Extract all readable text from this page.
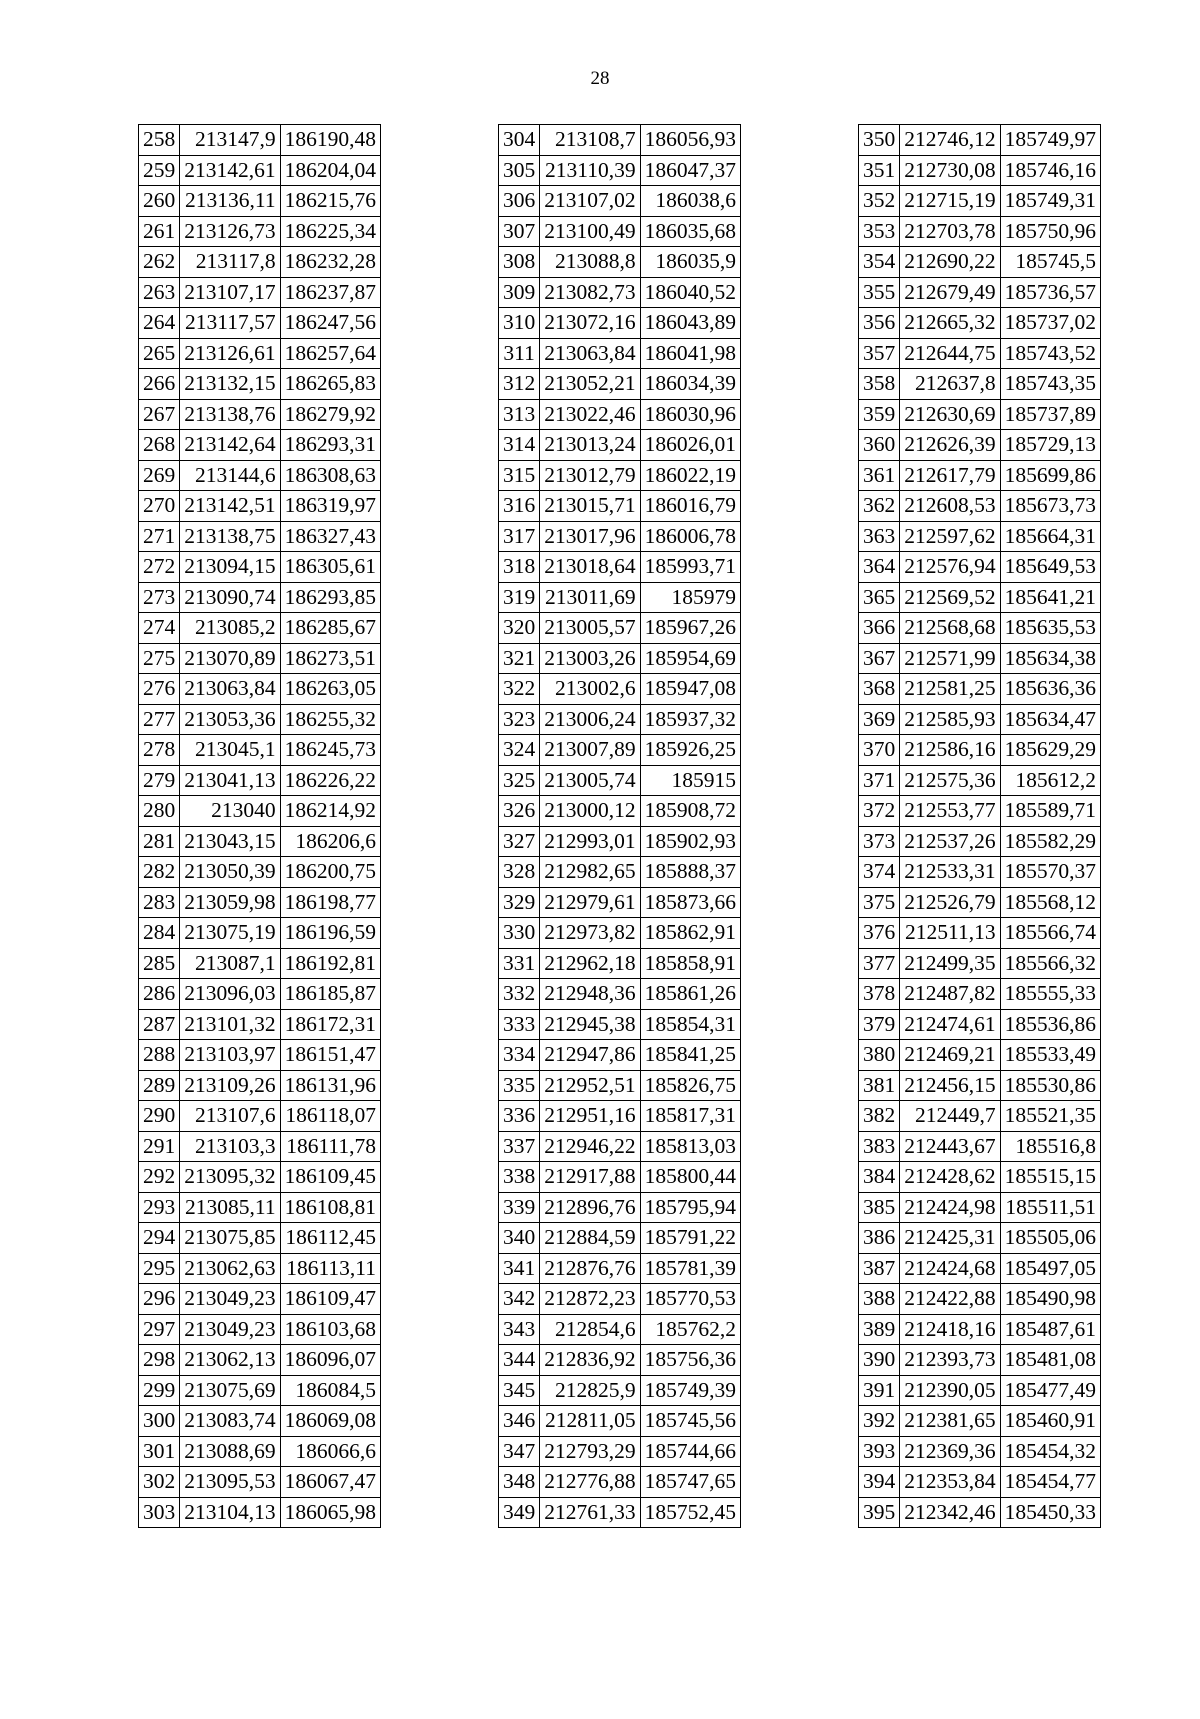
28
258	213147,9	186190,48
259	213142,61	186204,04
260	213136,11	186215,76
261	213126,73	186225,34
262	213117,8	186232,28
263	213107,17	186237,87
264	213117,57	186247,56
265	213126,61	186257,64
266	213132,15	186265,83
267	213138,76	186279,92
268	213142,64	186293,31
269	213144,6	186308,63
270	213142,51	186319,97
271	213138,75	186327,43
272	213094,15	186305,61
273	213090,74	186293,85
274	213085,2	186285,67
275	213070,89	186273,51
276	213063,84	186263,05
277	213053,36	186255,32
278	213045,1	186245,73
279	213041,13	186226,22
280	213040	186214,92
281	213043,15	186206,6
282	213050,39	186200,75
283	213059,98	186198,77
284	213075,19	186196,59
285	213087,1	186192,81
286	213096,03	186185,87
287	213101,32	186172,31
288	213103,97	186151,47
289	213109,26	186131,96
290	213107,6	186118,07
291	213103,3	186111,78
292	213095,32	186109,45
293	213085,11	186108,81
294	213075,85	186112,45
295	213062,63	186113,11
296	213049,23	186109,47
297	213049,23	186103,68
298	213062,13	186096,07
299	213075,69	186084,5
300	213083,74	186069,08
301	213088,69	186066,6
302	213095,53	186067,47
303	213104,13	186065,98
304	213108,7	186056,93
305	213110,39	186047,37
306	213107,02	186038,6
307	213100,49	186035,68
308	213088,8	186035,9
309	213082,73	186040,52
310	213072,16	186043,89
311	213063,84	186041,98
312	213052,21	186034,39
313	213022,46	186030,96
314	213013,24	186026,01
315	213012,79	186022,19
316	213015,71	186016,79
317	213017,96	186006,78
318	213018,64	185993,71
319	213011,69	185979
320	213005,57	185967,26
321	213003,26	185954,69
322	213002,6	185947,08
323	213006,24	185937,32
324	213007,89	185926,25
325	213005,74	185915
326	213000,12	185908,72
327	212993,01	185902,93
328	212982,65	185888,37
329	212979,61	185873,66
330	212973,82	185862,91
331	212962,18	185858,91
332	212948,36	185861,26
333	212945,38	185854,31
334	212947,86	185841,25
335	212952,51	185826,75
336	212951,16	185817,31
337	212946,22	185813,03
338	212917,88	185800,44
339	212896,76	185795,94
340	212884,59	185791,22
341	212876,76	185781,39
342	212872,23	185770,53
343	212854,6	185762,2
344	212836,92	185756,36
345	212825,9	185749,39
346	212811,05	185745,56
347	212793,29	185744,66
348	212776,88	185747,65
349	212761,33	185752,45
350	212746,12	185749,97
351	212730,08	185746,16
352	212715,19	185749,31
353	212703,78	185750,96
354	212690,22	185745,5
355	212679,49	185736,57
356	212665,32	185737,02
357	212644,75	185743,52
358	212637,8	185743,35
359	212630,69	185737,89
360	212626,39	185729,13
361	212617,79	185699,86
362	212608,53	185673,73
363	212597,62	185664,31
364	212576,94	185649,53
365	212569,52	185641,21
366	212568,68	185635,53
367	212571,99	185634,38
368	212581,25	185636,36
369	212585,93	185634,47
370	212586,16	185629,29
371	212575,36	185612,2
372	212553,77	185589,71
373	212537,26	185582,29
374	212533,31	185570,37
375	212526,79	185568,12
376	212511,13	185566,74
377	212499,35	185566,32
378	212487,82	185555,33
379	212474,61	185536,86
380	212469,21	185533,49
381	212456,15	185530,86
382	212449,7	185521,35
383	212443,67	185516,8
384	212428,62	185515,15
385	212424,98	185511,51
386	212425,31	185505,06
387	212424,68	185497,05
388	212422,88	185490,98
389	212418,16	185487,61
390	212393,73	185481,08
391	212390,05	185477,49
392	212381,65	185460,91
393	212369,36	185454,32
394	212353,84	185454,77
395	212342,46	185450,33
